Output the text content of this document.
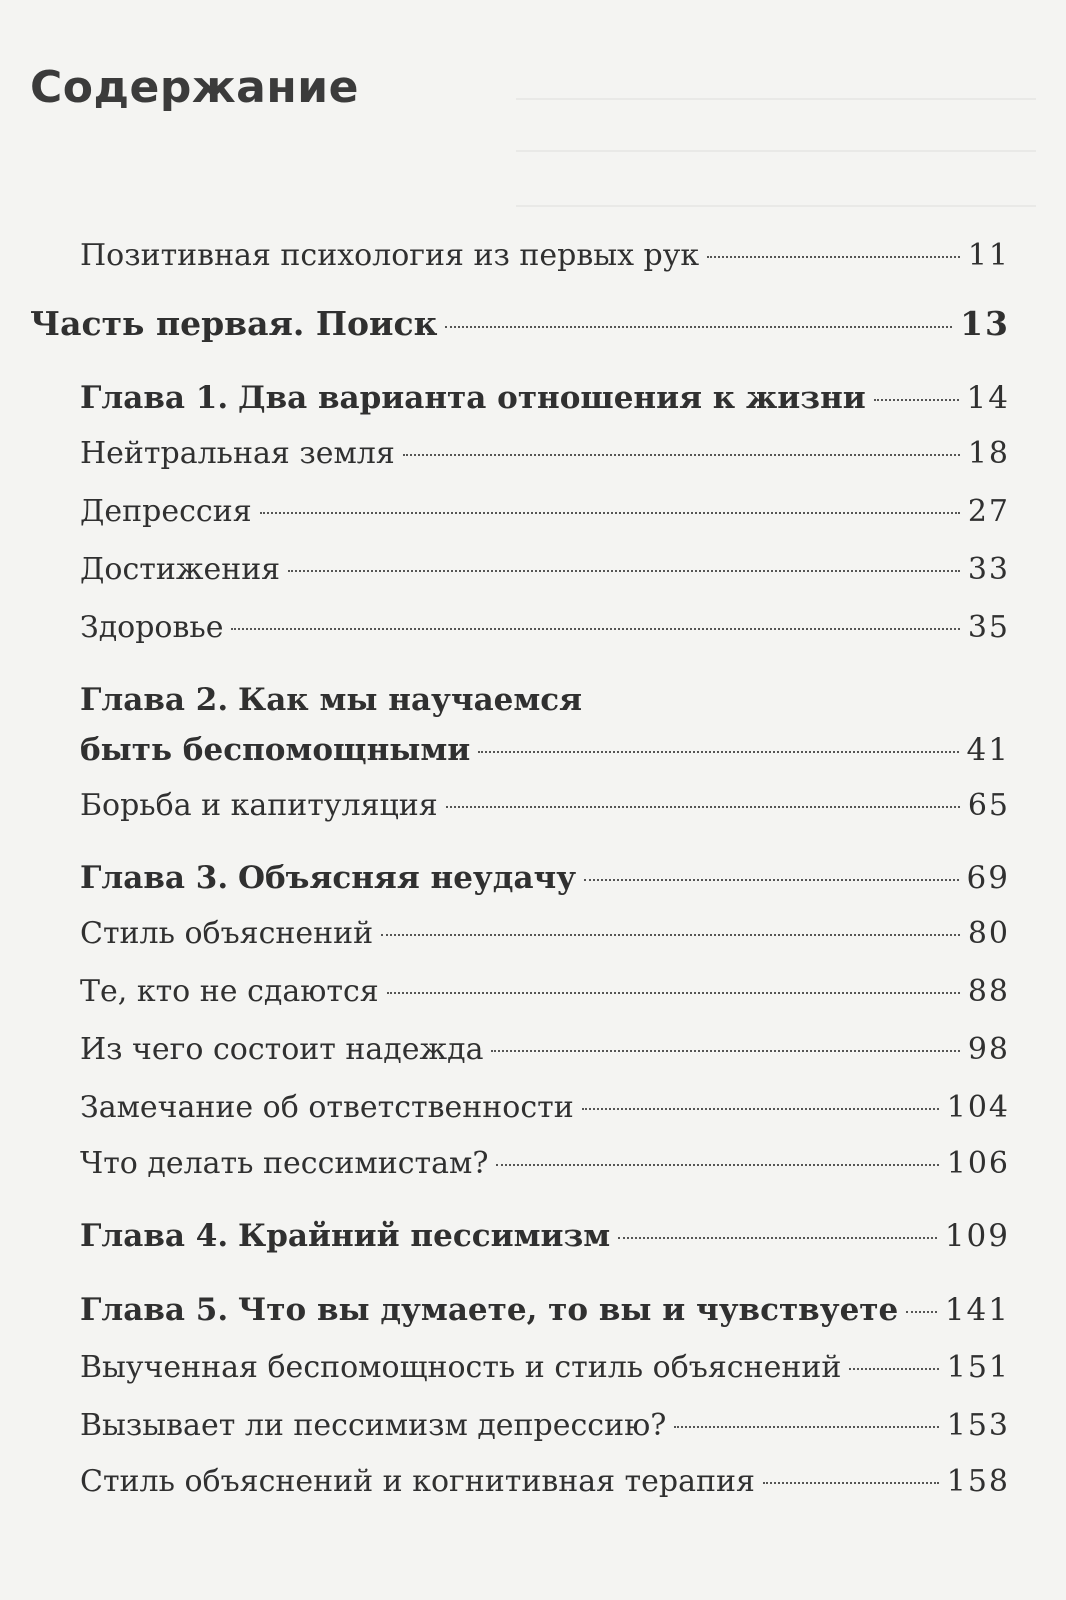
Содержание
Позитивная психология из первых рук	11
Часть первая. Поиск	13
Глава 1. Два варианта отношения к жизни	14
Нейтральная земля	18
Депрессия	27
Достижения	33
Здоровье	35
Глава 2. Как мы научаемся
быть беспомощными	41
Борьба и капитуляция	65
Глава 3. Объясняя неудачу	69
Стиль объяснений	80
Те, кто не сдаются	88
Из чего состоит надежда	98
Замечание об ответственности	104
Что делать пессимистам?	106
Глава 4. Крайний пессимизм	109
Глава 5. Что вы думаете, то вы и чувствуете 141
Выученная беспомощность и стиль объяснений	151
Вызывает ли пессимизм депрессию?	153
Стиль объяснений и когнитивная терапия	158
